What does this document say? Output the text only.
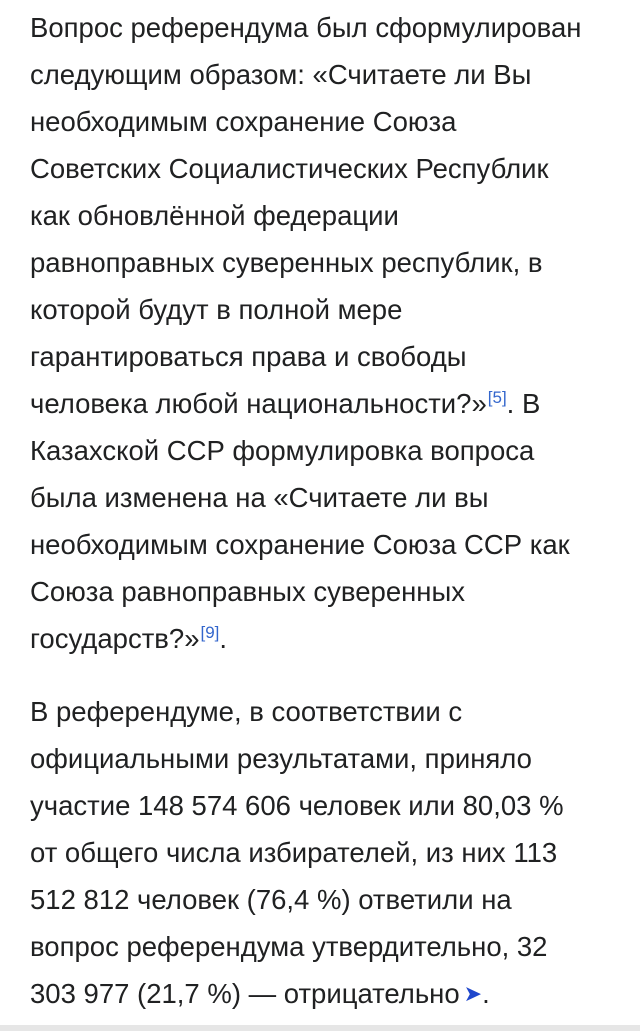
Вопрос референдума был сформулирован
следующим образом: «Считаете ли Вы
необходимым сохранение Союза
Советских Социалистических Республик
как обновлённой федерации
равноправных суверенных республик, в
которой будут в полной мере
гарантироваться права и свободы
человека любой национальности?»[5]. В
Казахской ССР формулировка вопроса
была изменена на «Считаете ли вы
необходимым сохранение Союза ССР как
Союза равноправных суверенных
государств?»[9].

В референдуме, в соответствии с
официальными результатами, приняло
участие 148 574 606 человек или 80,03 %
от общего числа избирателей, из них 113
512 812 человек (76,4 %) ответили на
вопрос референдума утвердительно, 32
303 977 (21,7 %) — отрицательно ➤.
